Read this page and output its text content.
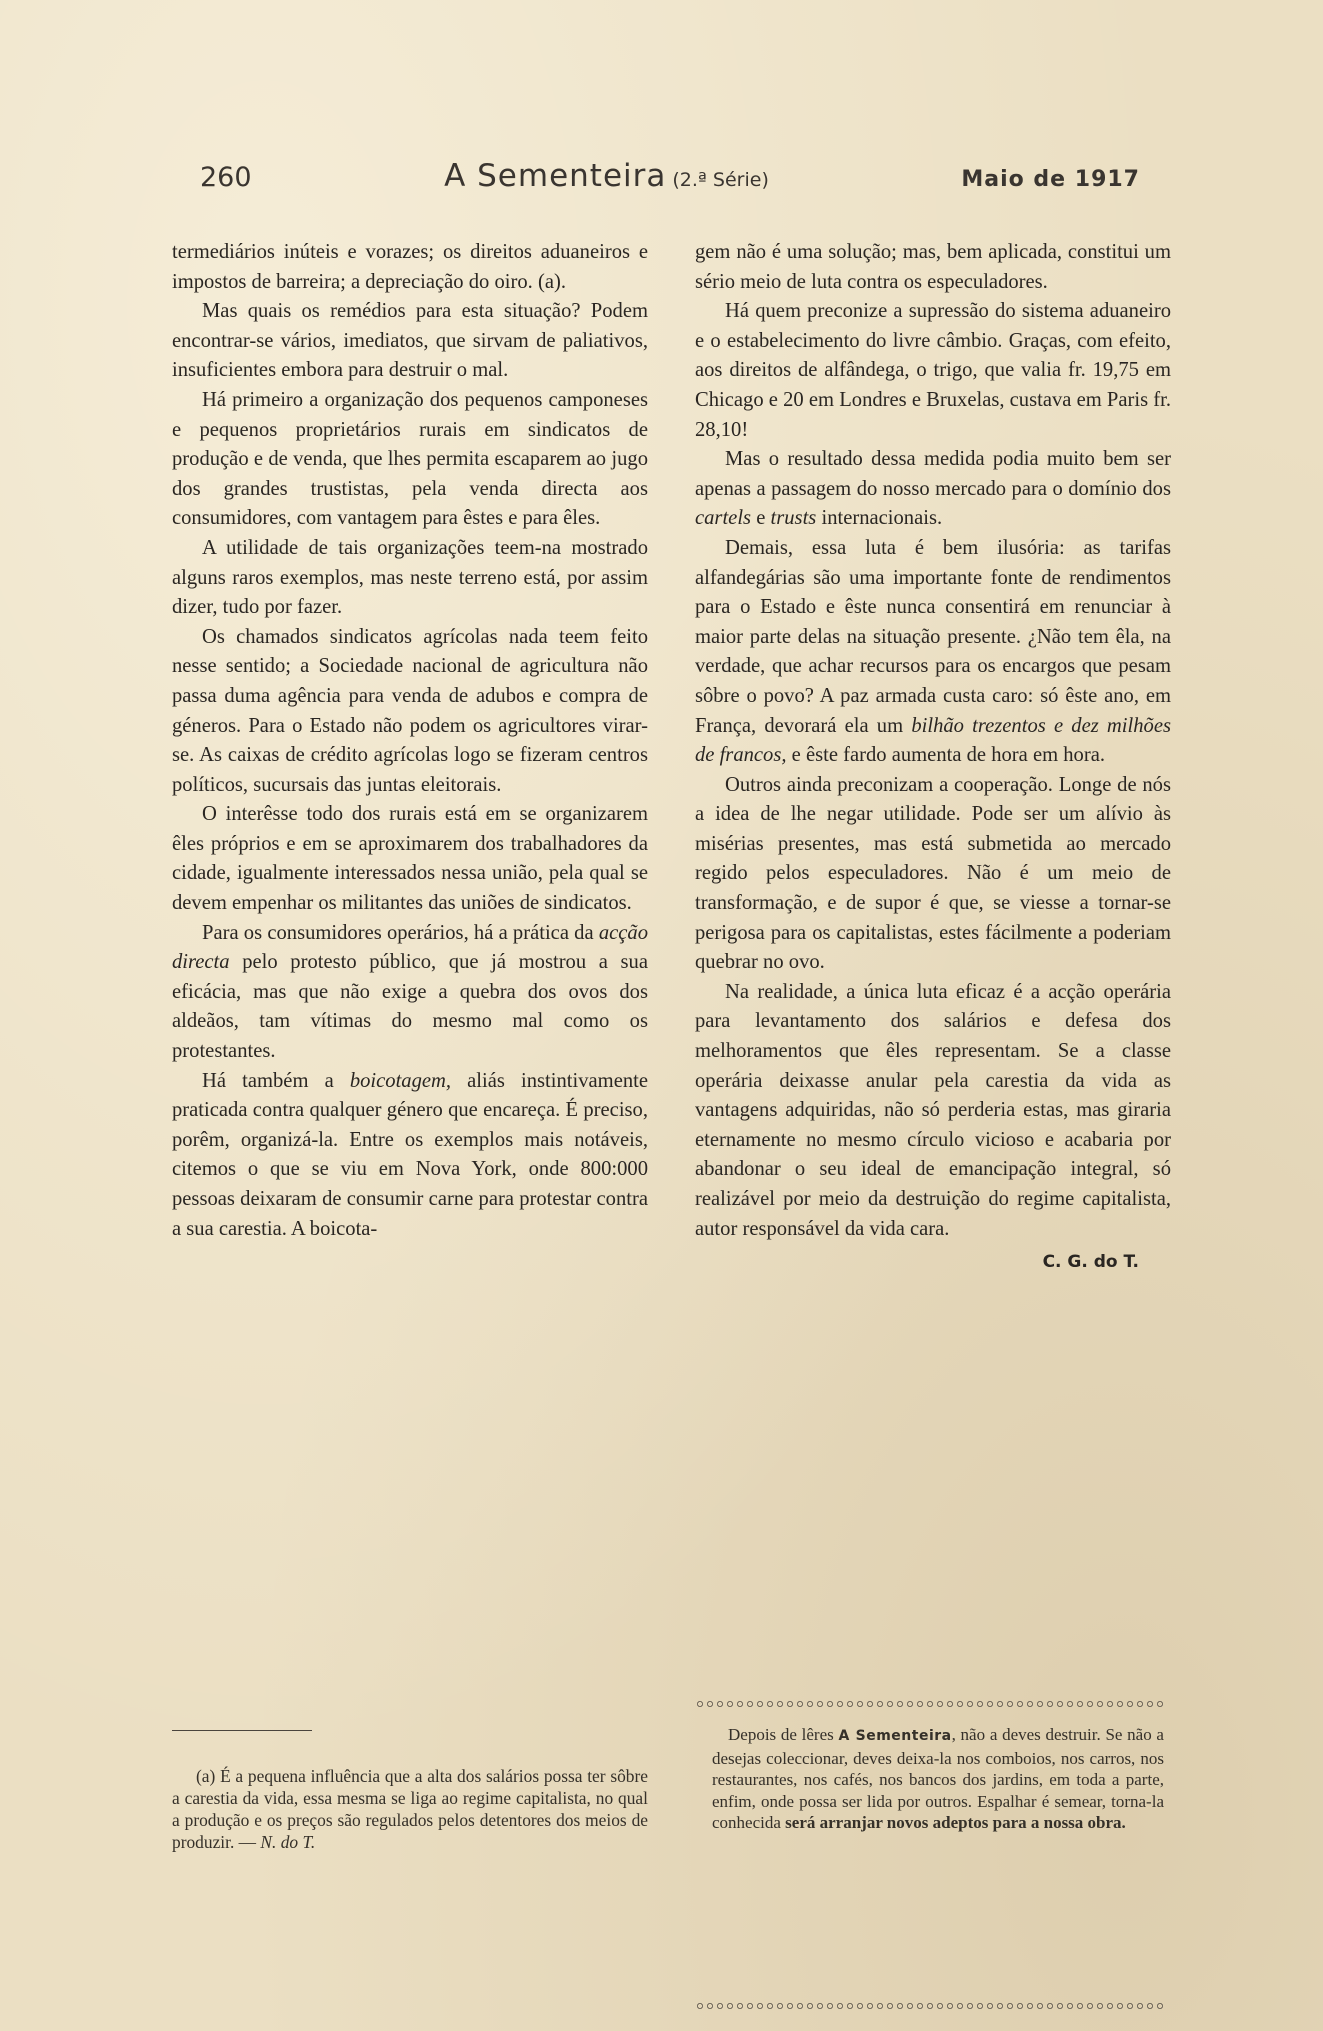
260	A Sementeira (2.ª Série)	Maio de 1917

termediários inúteis e vorazes; os direitos aduaneiros e impostos de barreira; a depreciação do oiro. (a).

Mas quais os remédios para esta situação? Podem encontrar-se vários, imediatos, que sirvam de paliativos, insuficientes embora para destruir o mal.

Há primeiro a organização dos pequenos camponeses e pequenos proprietários rurais em sindicatos de produção e de venda, que lhes permita escaparem ao jugo dos grandes trustistas, pela venda directa aos consumidores, com vantagem para êstes e para êles.

A utilidade de tais organizações teem-na mostrado alguns raros exemplos, mas neste terreno está, por assim dizer, tudo por fazer.

Os chamados sindicatos agrícolas nada teem feito nesse sentido; a Sociedade nacional de agricultura não passa duma agência para venda de adubos e compra de géneros. Para o Estado não podem os agricultores virar-se. As caixas de crédito agrícolas logo se fizeram centros políticos, sucursais das juntas eleitorais.

O interêsse todo dos rurais está em se organizarem êles próprios e em se aproximarem dos trabalhadores da cidade, igualmente interessados nessa união, pela qual se devem empenhar os militantes das uniões de sindicatos.

Para os consumidores operários, há a prática da acção directa pelo protesto público, que já mostrou a sua eficácia, mas que não exige a quebra dos ovos dos aldeãos, tam vítimas do mesmo mal como os protestantes.

Há também a boicotagem, aliás instintivamente praticada contra qualquer género que encareça. É preciso, porêm, organizá-la. Entre os exemplos mais notáveis, citemos o que se viu em Nova York, onde 800:000 pessoas deixaram de consumir carne para protestar contra a sua carestia. A boicota-

(a) É a pequena influência que a alta dos salários possa ter sôbre a carestia da vida, essa mesma se liga ao regime capitalista, no qual a produção e os preços são regulados pelos detentores dos meios de produzir. — N. do T.

gem não é uma solução; mas, bem aplicada, constitui um sério meio de luta contra os especuladores.

Há quem preconize a supressão do sistema aduaneiro e o estabelecimento do livre câmbio. Graças, com efeito, aos direitos de alfândega, o trigo, que valia fr. 19,75 em Chicago e 20 em Londres e Bruxelas, custava em Paris fr. 28,10!

Mas o resultado dessa medida podia muito bem ser apenas a passagem do nosso mercado para o domínio dos cartels e trusts internacionais.

Demais, essa luta é bem ilusória: as tarifas alfandegárias são uma importante fonte de rendimentos para o Estado e êste nunca consentirá em renunciar à maior parte delas na situação presente. ¿Não tem êla, na verdade, que achar recursos para os encargos que pesam sôbre o povo? A paz armada custa caro: só êste ano, em França, devorará ela um bilhão trezentos e dez milhões de francos, e êste fardo aumenta de hora em hora.

Outros ainda preconizam a cooperação. Longe de nós a idea de lhe negar utilidade. Pode ser um alívio às misérias presentes, mas está submetida ao mercado regido pelos especuladores. Não é um meio de transformação, e de supor é que, se viesse a tornar-se perigosa para os capitalistas, estes fácilmente a poderiam quebrar no ovo.

Na realidade, a única luta eficaz é a acção operária para levantamento dos salários e defesa dos melhoramentos que êles representam. Se a classe operária deixasse anular pela carestia da vida as vantagens adquiridas, não só perderia estas, mas giraria eternamente no mesmo círculo vicioso e acabaria por abandonar o seu ideal de emancipação integral, só realizável por meio da destruição do regime capitalista, autor responsável da vida cara.

C. G. do T.

Depois de lêres A Sementeira, não a deves destruir. Se não a desejas coleccionar, deves deixa-la nos comboios, nos carros, nos restaurantes, nos cafés, nos bancos dos jardins, em toda a parte, enfim, onde possa ser lida por outros. Espalhar é semear, torna-la conhecida será arranjar novos adeptos para a nossa obra.
